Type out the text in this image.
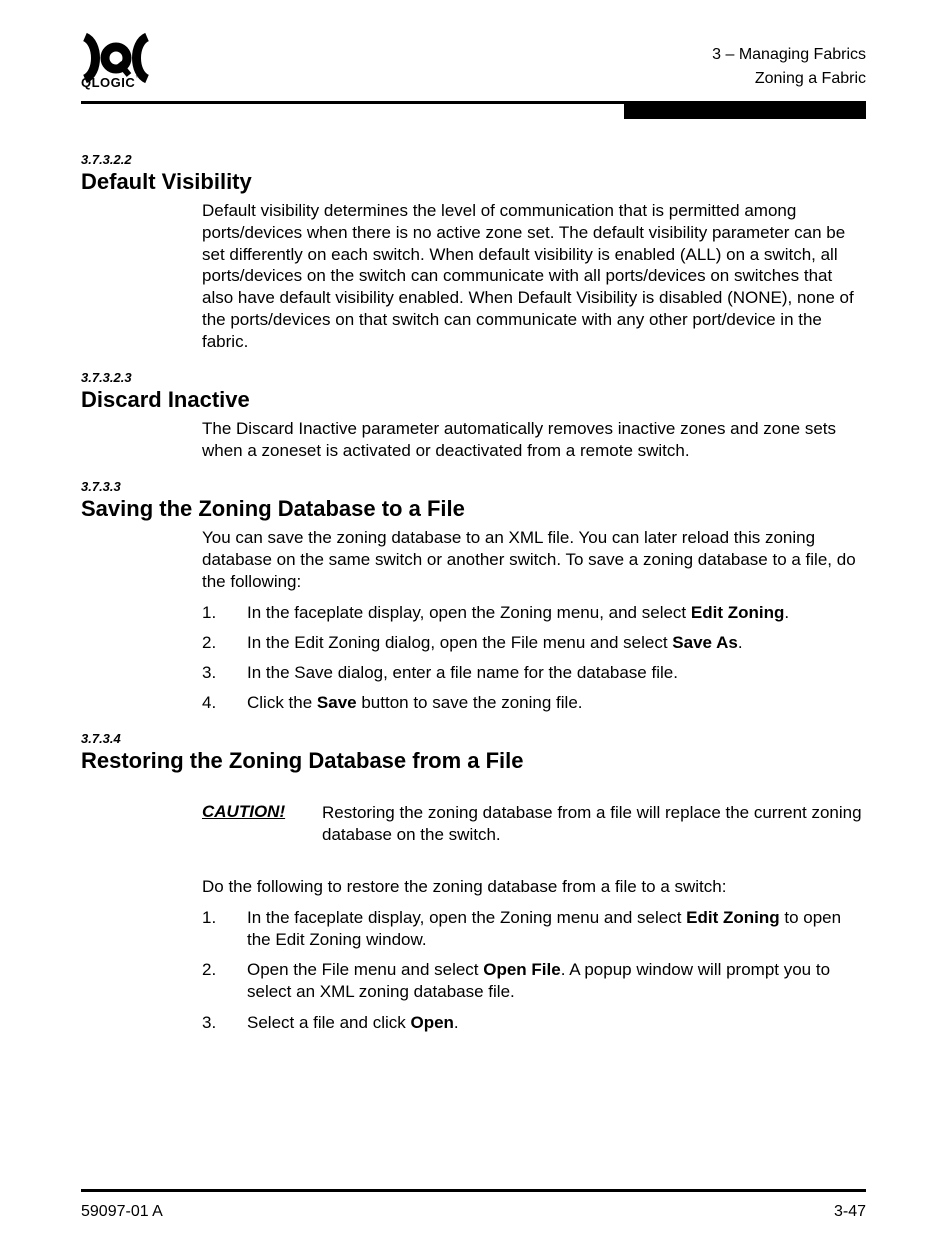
QLOGIC™
3 – Managing Fabrics
Zoning a Fabric
3.7.3.2.2
Default Visibility
Default visibility determines the level of communication that is permitted among ports/devices when there is no active zone set. The default visibility parameter can be set differently on each switch. When default visibility is enabled (ALL) on a switch, all ports/devices on the switch can communicate with all ports/devices on switches that also have default visibility enabled. When Default Visibility is disabled (NONE), none of the ports/devices on that switch can communicate with any other port/device in the fabric.
3.7.3.2.3
Discard Inactive
The Discard Inactive parameter automatically removes inactive zones and zone sets when a zoneset is activated or deactivated from a remote switch.
3.7.3.3
Saving the Zoning Database to a File
You can save the zoning database to an XML file. You can later reload this zoning database on the same switch or another switch. To save a zoning database to a file, do the following:
1. In the faceplate display, open the Zoning menu, and select Edit Zoning.
2. In the Edit Zoning dialog, open the File menu and select Save As.
3. In the Save dialog, enter a file name for the database file.
4. Click the Save button to save the zoning file.
3.7.3.4
Restoring the Zoning Database from a File
CAUTION! Restoring the zoning database from a file will replace the current zoning database on the switch.
Do the following to restore the zoning database from a file to a switch:
1. In the faceplate display, open the Zoning menu and select Edit Zoning to open the Edit Zoning window.
2. Open the File menu and select Open File. A popup window will prompt you to select an XML zoning database file.
3. Select a file and click Open.
59097-01 A	3-47
